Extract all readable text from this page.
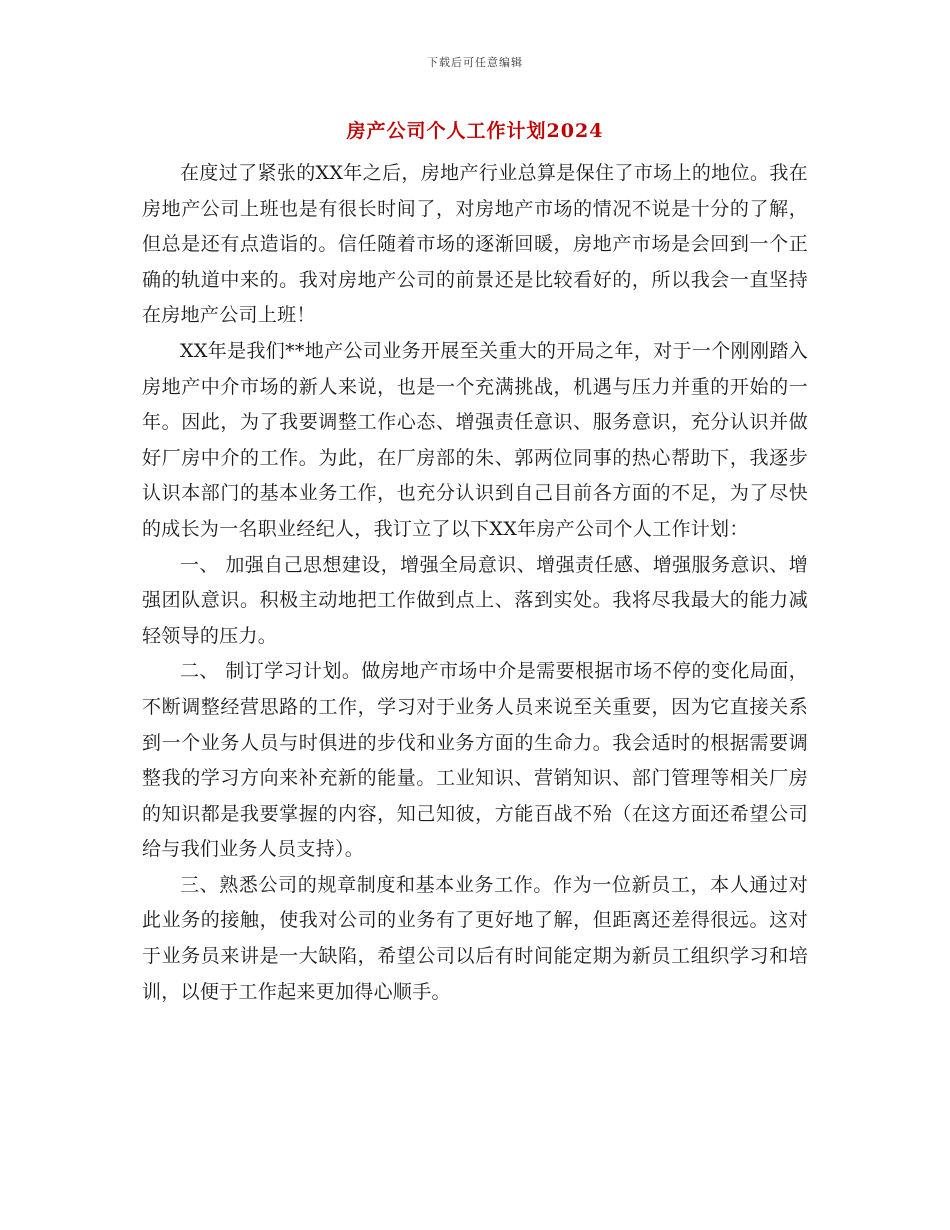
下载后可任意编辑
房产公司个人工作计划2024

在度过了紧张的XX年之后，房地产行业总算是保住了市场上的地位。我在房地产公司上班也是有很长时间了，对房地产市场的情况不说是十分的了解，但总是还有点造诣的。信任随着市场的逐渐回暖，房地产市场是会回到一个正确的轨道中来的。我对房地产公司的前景还是比较看好的，所以我会一直坚持在房地产公司上班！

XX年是我们**地产公司业务开展至关重大的开局之年，对于一个刚刚踏入房地产中介市场的新人来说，也是一个充满挑战，机遇与压力并重的开始的一年。因此，为了我要调整工作心态、增强责任意识、服务意识，充分认识并做好厂房中介的工作。为此，在厂房部的朱、郭两位同事的热心帮助下，我逐步认识本部门的基本业务工作，也充分认识到自己目前各方面的不足，为了尽快的成长为一名职业经纪人，我订立了以下XX年房产公司个人工作计划：

一、 加强自己思想建设，增强全局意识、增强责任感、增强服务意识、增强团队意识。积极主动地把工作做到点上、落到实处。我将尽我最大的能力减轻领导的压力。

二、 制订学习计划。做房地产市场中介是需要根据市场不停的变化局面，不断调整经营思路的工作，学习对于业务人员来说至关重要，因为它直接关系到一个业务人员与时俱进的步伐和业务方面的生命力。我会适时的根据需要调整我的学习方向来补充新的能量。工业知识、营销知识、部门管理等相关厂房的知识都是我要掌握的内容，知己知彼，方能百战不殆（在这方面还希望公司给与我们业务人员支持）。

三、熟悉公司的规章制度和基本业务工作。作为一位新员工，本人通过对此业务的接触，使我对公司的业务有了更好地了解，但距离还差得很远。这对于业务员来讲是一大缺陷，希望公司以后有时间能定期为新员工组织学习和培训，以便于工作起来更加得心顺手。
